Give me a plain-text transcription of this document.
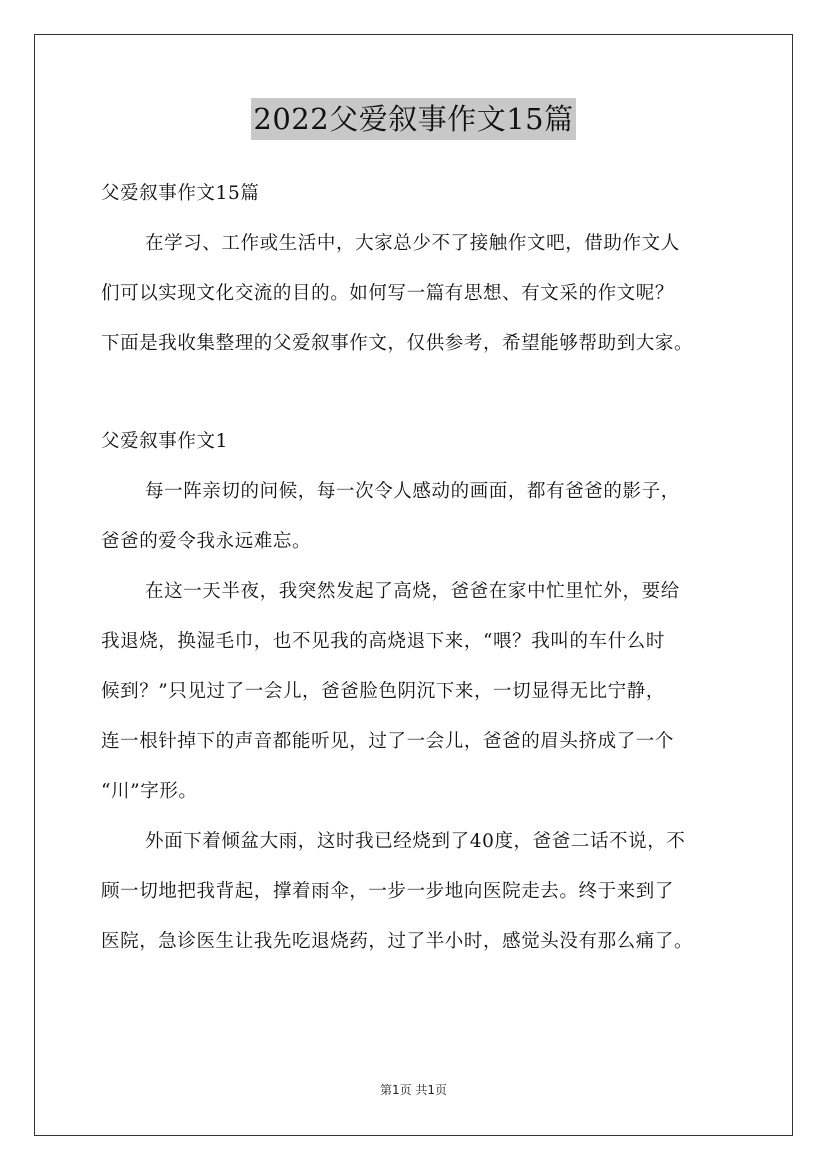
2022父爱叙事作文15篇
父爱叙事作文15篇
在学习、工作或生活中，大家总少不了接触作文吧，借助作文人
们可以实现文化交流的目的。如何写一篇有思想、有文采的作文呢？
下面是我收集整理的父爱叙事作文，仅供参考，希望能够帮助到大家。
父爱叙事作文1
每一阵亲切的问候，每一次令人感动的画面，都有爸爸的影子，
爸爸的爱令我永远难忘。
在这一天半夜，我突然发起了高烧，爸爸在家中忙里忙外，要给
我退烧，换湿毛巾，也不见我的高烧退下来，“喂？我叫的车什么时
候到？”只见过了一会儿，爸爸脸色阴沉下来，一切显得无比宁静，
连一根针掉下的声音都能听见，过了一会儿，爸爸的眉头挤成了一个
“川”字形。
外面下着倾盆大雨，这时我已经烧到了40度，爸爸二话不说，不
顾一切地把我背起，撑着雨伞，一步一步地向医院走去。终于来到了
医院，急诊医生让我先吃退烧药，过了半小时，感觉头没有那么痛了。
第1页 共1页
